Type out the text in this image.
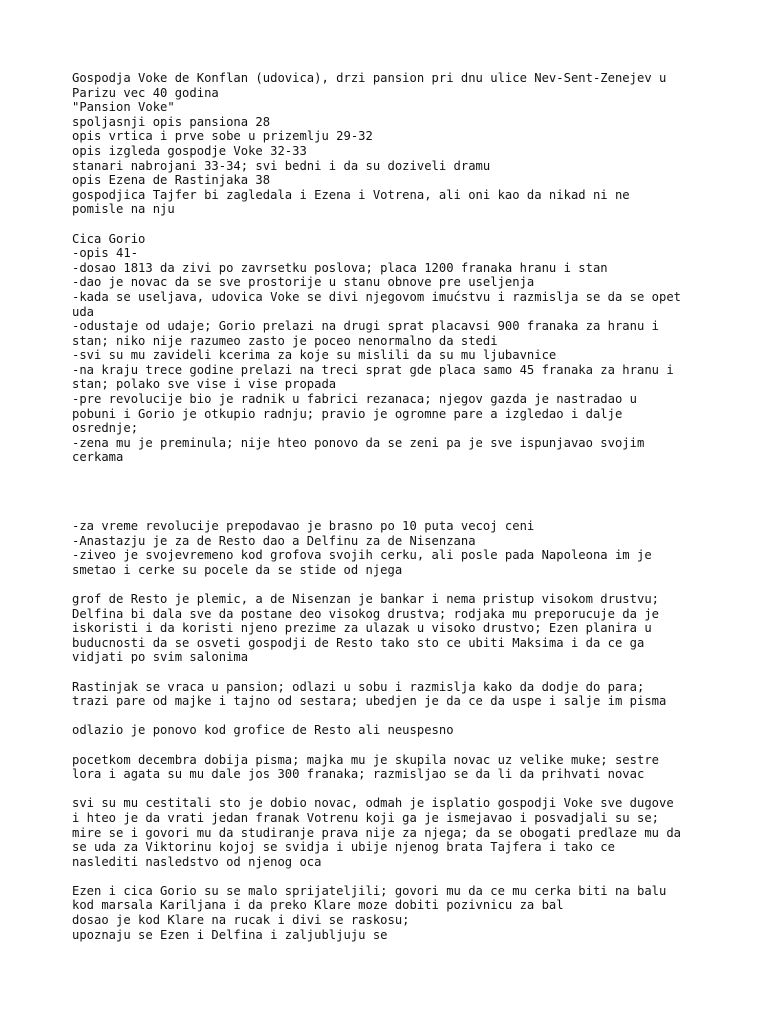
Gospodja Voke de Konflan (udovica), drzi pansion pri dnu ulice Nev-Sent-Zenejev u
Parizu vec 40 godina
"Pansion Voke"
spoljasnji opis pansiona 28
opis vrtica i prve sobe u prizemlju 29-32
opis izgleda gospodje Voke 32-33
stanari nabrojani 33-34; svi bedni i da su doziveli dramu
opis Ezena de Rastinjaka 38
gospodjica Tajfer bi zagledala i Ezena i Votrena, ali oni kao da nikad ni ne
pomisle na nju
Cica Gorio
-opis 41-
-dosao 1813 da zivi po zavrsetku poslova; placa 1200 franaka hranu i stan
-dao je novac da se sve prostorije u stanu obnove pre useljenja
-kada se useljava, udovica Voke se divi njegovom imućstvu i razmislja se da se opet
uda
-odustaje od udaje; Gorio prelazi na drugi sprat placavsi 900 franaka za hranu i
stan; niko nije razumeo zasto je poceo nenormalno da stedi
-svi su mu zavideli kcerima za koje su mislili da su mu ljubavnice
-na kraju trece godine prelazi na treci sprat gde placa samo 45 franaka za hranu i
stan; polako sve vise i vise propada
-pre revolucije bio je radnik u fabrici rezanaca; njegov gazda je nastradao u
pobuni i Gorio je otkupio radnju; pravio je ogromne pare a izgledao i dalje
osrednje;
-zena mu je preminula; nije hteo ponovo da se zeni pa je sve ispunjavao svojim
cerkama
-za vreme revolucije prepodavao je brasno po 10 puta vecoj ceni
-Anastazju je za de Resto dao a Delfinu za de Nisenzana
-ziveo je svojevremeno kod grofova svojih cerku, ali posle pada Napoleona im je
smetao i cerke su pocele da se stide od njega
grof de Resto je plemic, a de Nisenzan je bankar i nema pristup visokom drustvu;
Delfina bi dala sve da postane deo visokog drustva; rodjaka mu preporucuje da je
iskoristi i da koristi njeno prezime za ulazak u visoko drustvo; Ezen planira u
buducnosti da se osveti gospodji de Resto tako sto ce ubiti Maksima i da ce ga
vidjati po svim salonima
Rastinjak se vraca u pansion; odlazi u sobu i razmislja kako da dodje do para;
trazi pare od majke i tajno od sestara; ubedjen je da ce da uspe i salje im pisma
odlazio je ponovo kod grofice de Resto ali neuspesno
pocetkom decembra dobija pisma; majka mu je skupila novac uz velike muke; sestre
lora i agata su mu dale jos 300 franaka; razmisljao se da li da prihvati novac
svi su mu cestitali sto je dobio novac, odmah je isplatio gospodji Voke sve dugove
i hteo je da vrati jedan franak Votrenu koji ga je ismejavao i posvadjali su se;
mire se i govori mu da studiranje prava nije za njega; da se obogati predlaze mu da
se uda za Viktorinu kojoj se svidja i ubije njenog brata Tajfera i tako ce
naslediti nasledstvo od njenog oca
Ezen i cica Gorio su se malo sprijateljili; govori mu da ce mu cerka biti na balu
kod marsala Kariljana i da preko Klare moze dobiti pozivnicu za bal
dosao je kod Klare na rucak i divi se raskosu;
upoznaju se Ezen i Delfina i zaljubljuju se
